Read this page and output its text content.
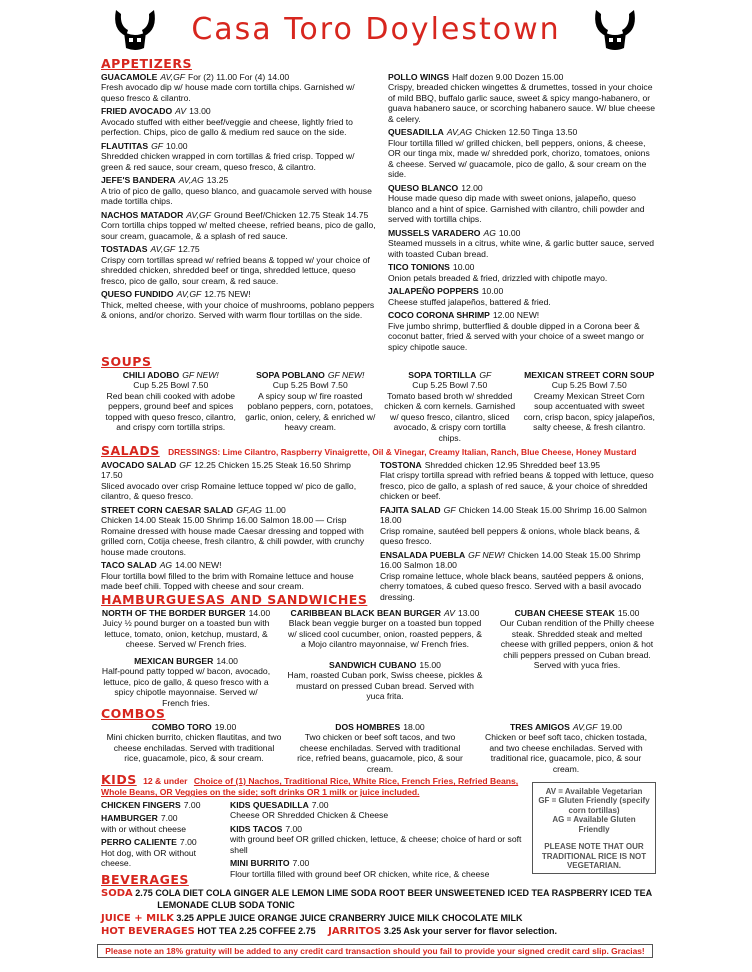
Casa Toro Doylestown
APPETIZERS
GUACAMOLE AV,GF For (2) 11.00 For (4) 14.00
Fresh avocado dip w/ house made corn tortilla chips. Garnished w/ queso fresco & cilantro.
FRIED AVOCADO AV 13.00
Avocado stuffed with either beef/veggie and cheese, lightly fried to perfection. Chips, pico de gallo & medium red sauce on the side.
FLAUTITAS GF 10.00
Shredded chicken wrapped in corn tortillas & fried crisp. Topped w/ green & red sauce, sour cream, queso fresco, & cilantro.
JEFE'S BANDERA AV,AG 13.25
A trio of pico de gallo, queso blanco, and guacamole served with house made tortilla chips.
NACHOS MATADOR AV,GF Ground Beef/Chicken 12.75 Steak 14.75
Corn tortilla chips topped w/ melted cheese, refried beans, pico de gallo, sour cream, guacamole, & a splash of red sauce.
TOSTADAS AV,GF 12.75
Crispy corn tortillas spread w/ refried beans & topped w/ your choice of shredded chicken, shredded beef or tinga, shredded lettuce, queso fresco, pico de gallo, sour cream, & red sauce.
QUESO FUNDIDO AV,GF 12.75 NEW!
Thick, melted cheese, with your choice of mushrooms, poblano peppers & onions, and/or chorizo. Served with warm flour tortillas on the side.
POLLO WINGS Half dozen 9.00 Dozen 15.00
Crispy, breaded chicken wingettes & drumettes, tossed in your choice of mild BBQ, buffalo garlic sauce, sweet & spicy mango-habanero, or guava habanero sauce, or scorching habanero sauce. W/ blue cheese & celery.
QUESADILLA AV,AG Chicken 12.50 Tinga 13.50
Flour tortilla filled w/ grilled chicken, bell peppers, onions, & cheese, OR our tinga mix, made w/ shredded pork, chorizo, tomatoes, onions & cheese. Served w/ guacamole, pico de gallo, & sour cream on the side.
QUESO BLANCO 12.00
House made queso dip made with sweet onions, jalapeño, queso blanco and a hint of spice. Garnished with cilantro, chili powder and served with tortilla chips.
MUSSELS VARADERO AG 10.00
Steamed mussels in a citrus, white wine, & garlic butter sauce, served with toasted Cuban bread.
TICO TONIONS 10.00
Onion petals breaded & fried, drizzled with chipotle mayo.
JALAPEÑO POPPERS 10.00
Cheese stuffed jalapeños, battered & fried.
COCO CORONA SHRIMP 12.00 NEW!
Five jumbo shrimp, butterflied & double dipped in a Corona beer & coconut batter, fried & served with your choice of a sweet mango or spicy chipotle sauce.
SOUPS
CHILI ADOBO GF NEW!
Cup 5.25 Bowl 7.50
Red bean chili cooked with adobe peppers, ground beef and spices topped with queso fresco, cilantro, and crispy corn tortilla strips.
SOPA POBLANO GF NEW!
Cup 5.25 Bowl 7.50
A spicy soup w/ fire roasted poblano peppers, corn, potatoes, garlic, onion, celery, & enriched w/ heavy cream.
SOPA TORTILLA GF
Cup 5.25 Bowl 7.50
Tomato based broth w/ shredded chicken & corn kernels. Garnished w/ queso fresco, cilantro, sliced avocado, & crispy corn tortilla chips.
MEXICAN STREET CORN SOUP
Cup 5.25 Bowl 7.50
Creamy Mexican Street Corn soup accentuated with sweet corn, crisp bacon, spicy jalapeños, salty cheese, & fresh cilantro.
SALADS DRESSINGS: Lime Cilantro, Raspberry Vinaigrette, Oil & Vinegar, Creamy Italian, Ranch, Blue Cheese, Honey Mustard
AVOCADO SALAD GF 12.25 Chicken 15.25 Steak 16.50 Shrimp 17.50
Sliced avocado over crisp Romaine lettuce topped w/ pico de gallo, cilantro, & queso fresco.
STREET CORN CAESAR SALAD GF,AG 11.00
Chicken 14.00 Steak 15.00 Shrimp 16.00 Salmon 18.00 — Crisp Romaine dressed with house made Caesar dressing and topped with grilled corn, Cotija cheese, fresh cilantro, & chili powder, with crunchy house made croutons.
TACO SALAD AG 14.00 NEW!
Flour tortilla bowl filled to the brim with Romaine lettuce and house made beef chili. Topped with cheese and sour cream.
TOSTONA Shredded chicken 12.95 Shredded beef 13.95
Flat crispy tortilla spread with refried beans & topped with lettuce, queso fresco, pico de gallo, a splash of red sauce, & your choice of shredded chicken or beef.
FAJITA SALAD GF Chicken 14.00 Steak 15.00 Shrimp 16.00 Salmon 18.00
Crisp romaine, sautéed bell peppers & onions, whole black beans, & queso fresco.
ENSALADA PUEBLA GF NEW! Chicken 14.00 Steak 15.00 Shrimp 16.00 Salmon 18.00
Crisp romaine lettuce, whole black beans, sautéed peppers & onions, cherry tomatoes, & cubed queso fresco. Served with a basil avocado dressing.
HAMBURGUESAS AND SANDWICHES
NORTH OF THE BORDER BURGER 14.00
Juicy ½ pound burger on a toasted bun with lettuce, tomato, onion, ketchup, mustard, & cheese. Served w/ French fries.
CARIBBEAN BLACK BEAN BURGER AV 13.00
Black bean veggie burger on a toasted bun topped w/ sliced cool cucumber, onion, roasted peppers, & a Mojo cilantro mayonnaise, w/ French fries.
CUBAN CHEESE STEAK 15.00
Our Cuban rendition of the Philly cheese steak. Shredded steak and melted cheese with grilled peppers, onion & hot chili peppers pressed on Cuban bread. Served with yuca fries.
MEXICAN BURGER 14.00
Half-pound patty topped w/ bacon, avocado, lettuce, pico de gallo, & queso fresco with a spicy chipotle mayonnaise. Served w/ French fries.
SANDWICH CUBANO 15.00
Ham, roasted Cuban pork, Swiss cheese, pickles & mustard on pressed Cuban bread. Served with yuca frita.
COMBOS
COMBO TORO 19.00
Mini chicken burrito, chicken flautitas, and two cheese enchiladas. Served with traditional rice, guacamole, pico, & sour cream.
DOS HOMBRES 18.00
Two chicken or beef soft tacos, and two cheese enchiladas. Served with traditional rice, refried beans, guacamole, pico, & sour cream.
TRES AMIGOS AV,GF 19.00
Chicken or beef soft taco, chicken tostada, and two cheese enchiladas. Served with traditional rice, guacamole, pico, & sour cream.
KIDS 12 & under Choice of (1) Nachos, Traditional Rice, White Rice, French Fries, Refried Beans,
Whole Beans, OR Veggies on the side; soft drinks OR 1 milk or juice included.
CHICKEN FINGERS 7.00
HAMBURGER 7.00
with or without cheese
PERRO CALIENTE 7.00
Hot dog, with OR without cheese.
KIDS QUESADILLA 7.00
Cheese OR Shredded Chicken & Cheese
KIDS TACOS 7.00
with ground beef OR grilled chicken, lettuce, & cheese; choice of hard or soft shell
MINI BURRITO 7.00
Flour tortilla filled with ground beef OR chicken, white rice, & cheese
AV = Available Vegetarian
GF = Gluten Friendly (specify corn tortillas)
AG = Available Gluten Friendly
PLEASE NOTE THAT OUR TRADITIONAL RICE IS NOT VEGETARIAN.
BEVERAGES
SODA 2.75 COLA DIET COLA GINGER ALE LEMON LIME SODA ROOT BEER UNSWEETENED ICED TEA RASPBERRY ICED TEA
LEMONADE CLUB SODA TONIC
JUICE + MILK 3.25 APPLE JUICE ORANGE JUICE CRANBERRY JUICE MILK CHOCOLATE MILK
HOT BEVERAGES HOT TEA 2.25 COFFEE 2.75 JARRITOS 3.25 Ask your server for flavor selection.
Please note an 18% gratuity will be added to any credit card transaction should you fail to provide your signed credit card slip. Gracias!
